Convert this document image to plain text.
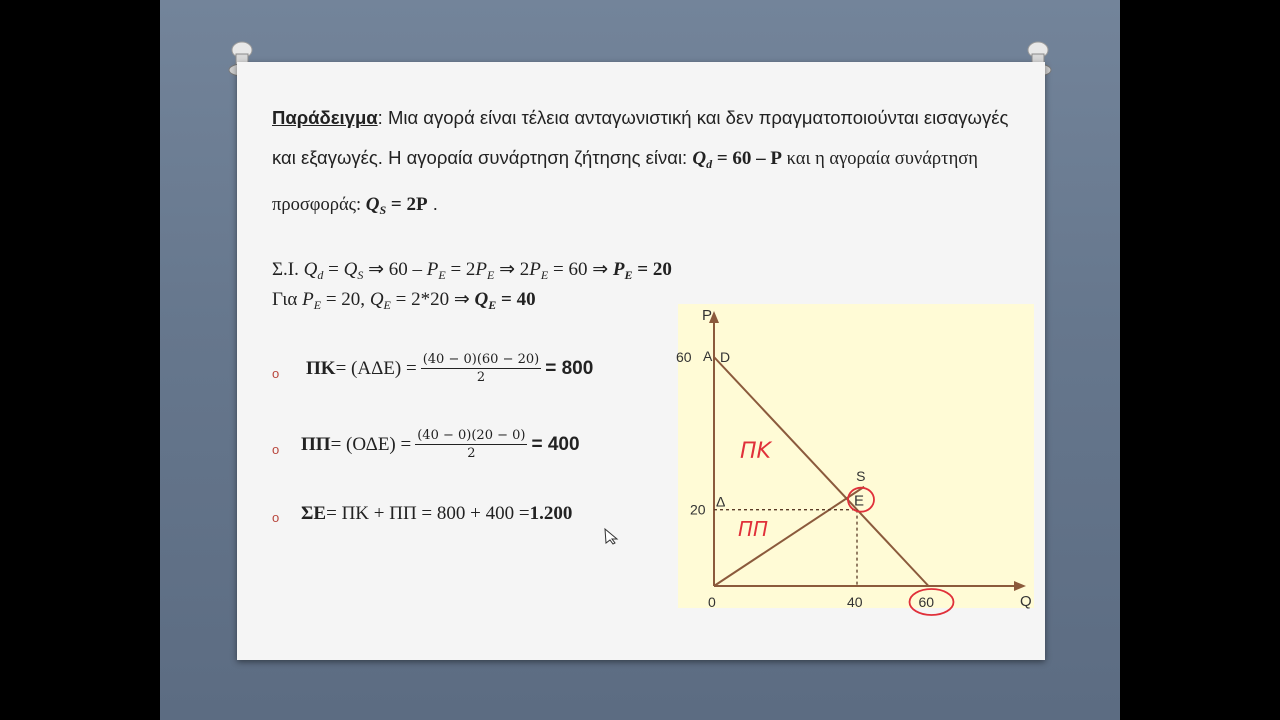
Παράδειγμα: Μια αγορά είναι τέλεια ανταγωνιστική και δεν πραγματοποιούνται εισαγωγές και εξαγωγές. Η αγοραία συνάρτηση ζήτησης είναι: $Q_d = 60 - P$ και η αγοραία συνάρτηση προσφοράς: $Q_S = 2P$ .
Σ.Ι. $Q_d = Q_S$ ⇒ $60 - P_E = 2P_E$ ⇒ $2P_E = 60$ ⇒ $P_E = 20$
Για $P_E = 20$, $Q_E = 2*20$ ⇒ $Q_E = 40$
o $\Pi K = (A\Delta E) = \frac{(40 - 0)(60 - 20)}{2} = 800$
o $\Pi\Pi = (O\Delta E) = \frac{(40 - 0)(20 - 0)}{2} = 400$
o ΣΕ = ΠΚ + ΠΠ = 800 + 400 = 1.200
P
Q
60
20
0	40	60
A D
S
Δ	E
ΠΚ
ΠΠ
